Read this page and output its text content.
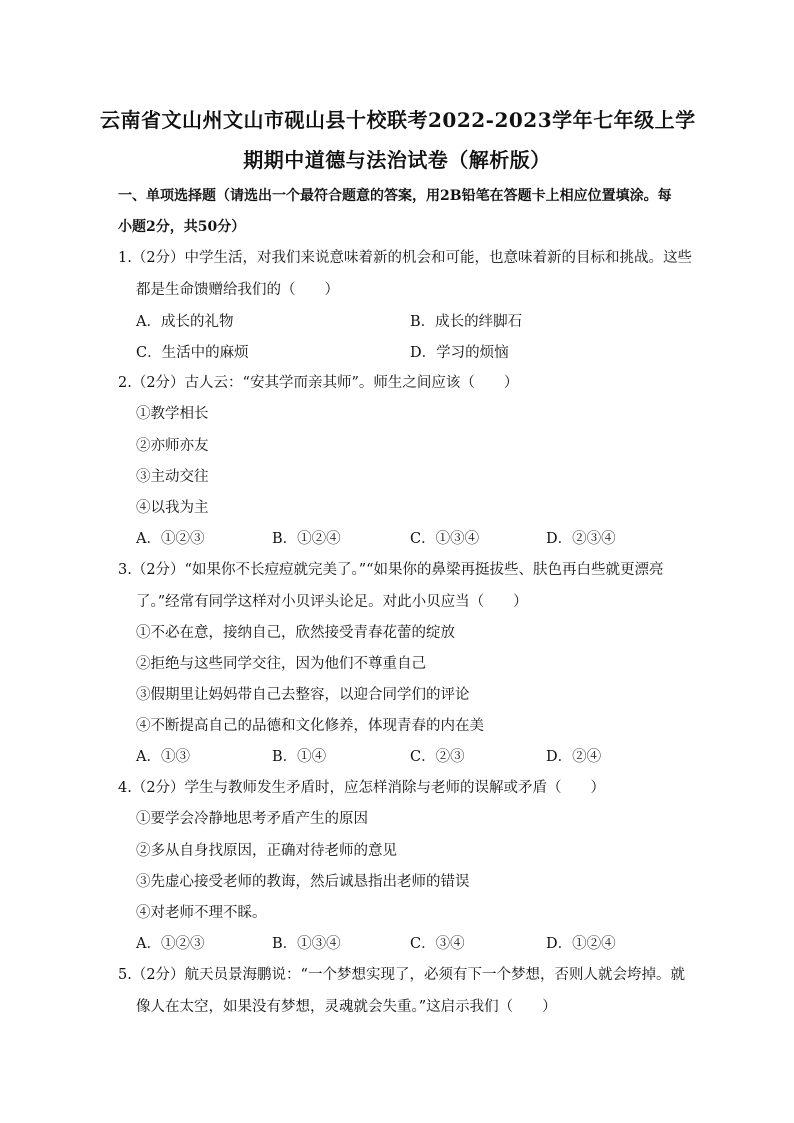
云南省文山州文山市砚山县十校联考2022-2023学年七年级上学
期期中道德与法治试卷（解析版）
一、单项选择题（请选出一个最符合题意的答案，用2B铅笔在答题卡上相应位置填涂。每
小题2分，共50分）
1.（2分）中学生活，对我们来说意味着新的机会和可能，也意味着新的目标和挑战。这些
都是生命馈赠给我们的（　　）
A．成长的礼物	B．成长的绊脚石
C．生活中的麻烦	D．学习的烦恼
2.（2分）古人云：“安其学而亲其师”。师生之间应该（　　）
①教学相长
②亦师亦友
③主动交往
④以我为主
A．①②③	B．①②④	C．①③④	D．②③④
3.（2分）“如果你不长痘痘就完美了。”“如果你的鼻梁再挺拔些、肤色再白些就更漂亮
了。”经常有同学这样对小贝评头论足。对此小贝应当（　　）
①不必在意，接纳自己，欣然接受青春花蕾的绽放
②拒绝与这些同学交往，因为他们不尊重自己
③假期里让妈妈带自己去整容，以迎合同学们的评论
④不断提高自己的品德和文化修养，体现青春的内在美
A．①③	B．①④	C．②③	D．②④
4.（2分）学生与教师发生矛盾时，应怎样消除与老师的误解或矛盾（　　）
①要学会冷静地思考矛盾产生的原因
②多从自身找原因，正确对待老师的意见
③先虚心接受老师的教诲，然后诚恳指出老师的错误
④对老师不理不睬。
A．①②③	B．①③④	C．③④	D．①②④
5.（2分）航天员景海鹏说：“一个梦想实现了，必须有下一个梦想，否则人就会垮掉。就
像人在太空，如果没有梦想，灵魂就会失重。”这启示我们（　　）
